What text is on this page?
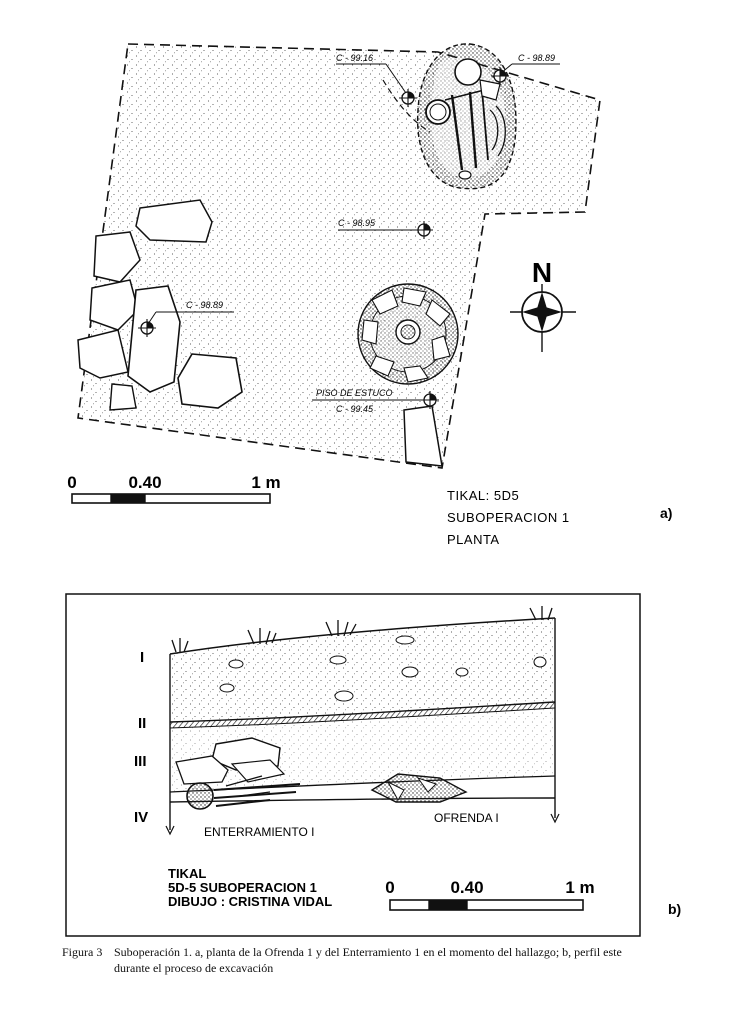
C - 99.16	C - 98.89
C - 98.95
C - 98.89
PISO DE ESTUCO
C - 99.45
N
0	0.40	1 m
TIKAL: 5D5
SUBOPERACION 1
PLANTA
a)
I
II
III
IV
ENTERRAMIENTO I
OFRENDA I
TIKAL
5D-5 SUBOPERACION 1
DIBUJO : CRISTINA VIDAL
0	0.40	1 m
b)
Figura 3 Suboperación 1. a, planta de la Ofrenda 1 y del Enterramiento 1 en el momento del hallazgo; b, perfil este
durante el proceso de excavación
